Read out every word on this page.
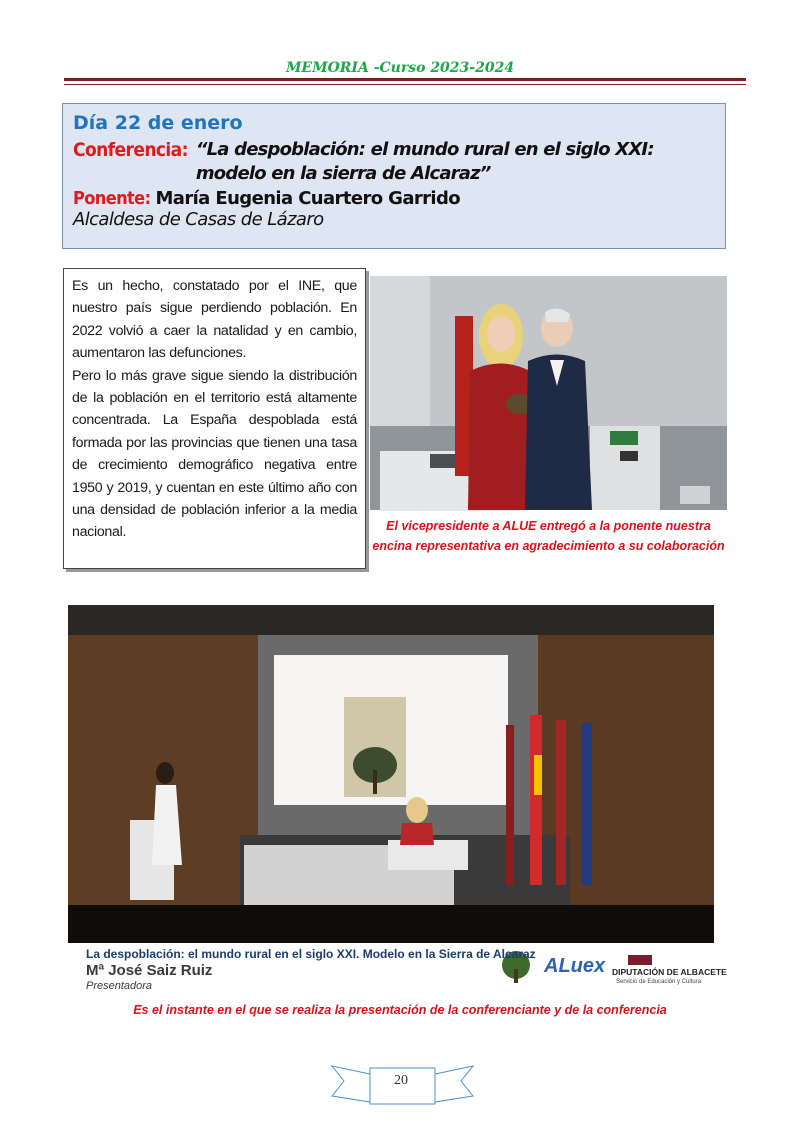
MEMORIA -Curso 2023-2024
Día 22 de enero
Conferencia: “La despoblación: el mundo rural en el siglo XXI: modelo en la sierra de Alcaraz”
Ponente: María Eugenia Cuartero Garrido
Alcaldesa de Casas de Lázaro

Es un hecho, constatado por el INE, que nuestro país sigue perdiendo población. En 2022 volvió a caer la natalidad y en cambio, aumentaron las defunciones.

Pero lo más grave sigue siendo la distribución de la población en el territorio está altamente concentrada. La España despoblada está formada por las provincias que tienen una tasa de crecimiento demográfico negativa entre 1950 y 2019, y cuentan en este último año con una densidad de población inferior a la media nacional.	El vicepresidente a ALUE entregó a la ponente nuestra encina representativa en agradecimiento a su colaboración
La despoblación: el mundo rural en el siglo XXI. Modelo en la Sierra de Alcaraz
Mª José Saiz Ruiz
Presentadora
ALuex DIPUTACIÓN DE ALBACETE
Servicio de Educación y Cultura
Es el instante en el que se realiza la presentación de la conferenciante y de la conferencia
20
